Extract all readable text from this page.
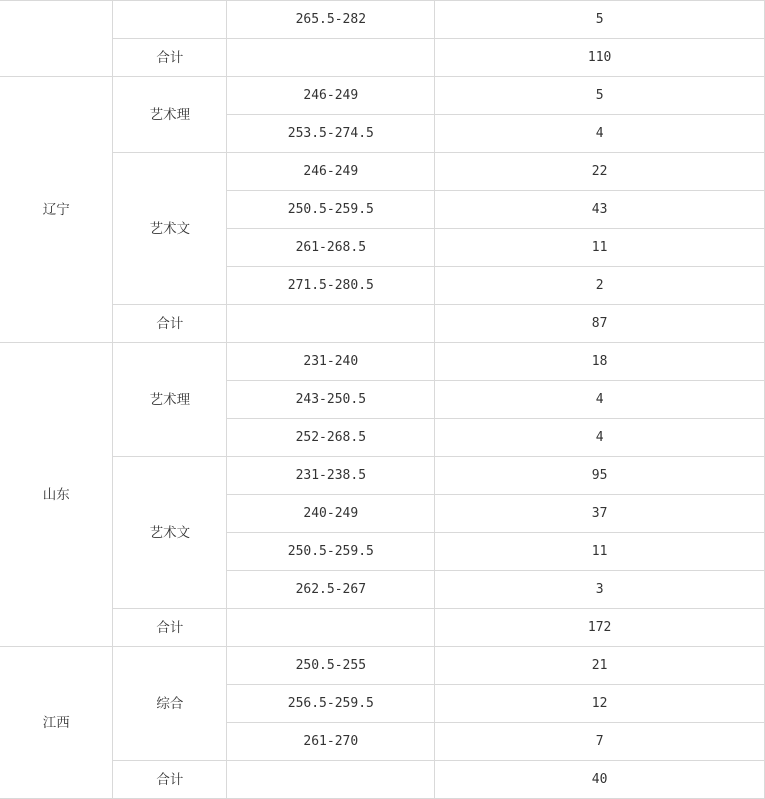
		265.5-282	5
	合计		110
辽宁	艺术理	246-249	5
		253.5-274.5	4
	艺术文	246-249	22
		250.5-259.5	43
		261-268.5	11
		271.5-280.5	2
	合计		87
山东	艺术理	231-240	18
		243-250.5	4
		252-268.5	4
	艺术文	231-238.5	95
		240-249	37
		250.5-259.5	11
		262.5-267	3
	合计		172
江西	综合	250.5-255	21
		256.5-259.5	12
		261-270	7
	合计		40
